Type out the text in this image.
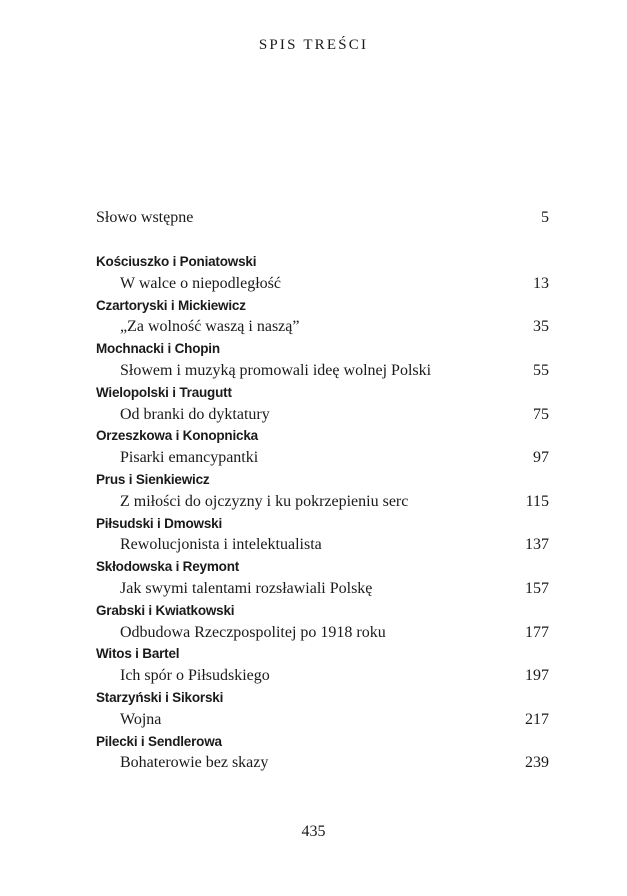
SPIS TREŚCI
Słowo wstępne	5
Kościuszko i Poniatowski
W walce o niepodległość	13
Czartoryski i Mickiewicz
„Za wolność waszą i naszą”	35
Mochnacki i Chopin
Słowem i muzyką promowali ideę wolnej Polski	55
Wielopolski i Traugutt
Od branki do dyktatury	75
Orzeszkowa i Konopnicka
Pisarki emancypantki	97
Prus i Sienkiewicz
Z miłości do ojczyzny i ku pokrzepieniu serc	115
Piłsudski i Dmowski
Rewolucjonista i intelektualista	137
Skłodowska i Reymont
Jak swymi talentami rozsławiali Polskę	157
Grabski i Kwiatkowski
Odbudowa Rzeczpospolitej po 1918 roku	177
Witos i Bartel
Ich spór o Piłsudskiego	197
Starzyński i Sikorski
Wojna	217
Pilecki i Sendlerowa
Bohaterowie bez skazy	239
435
